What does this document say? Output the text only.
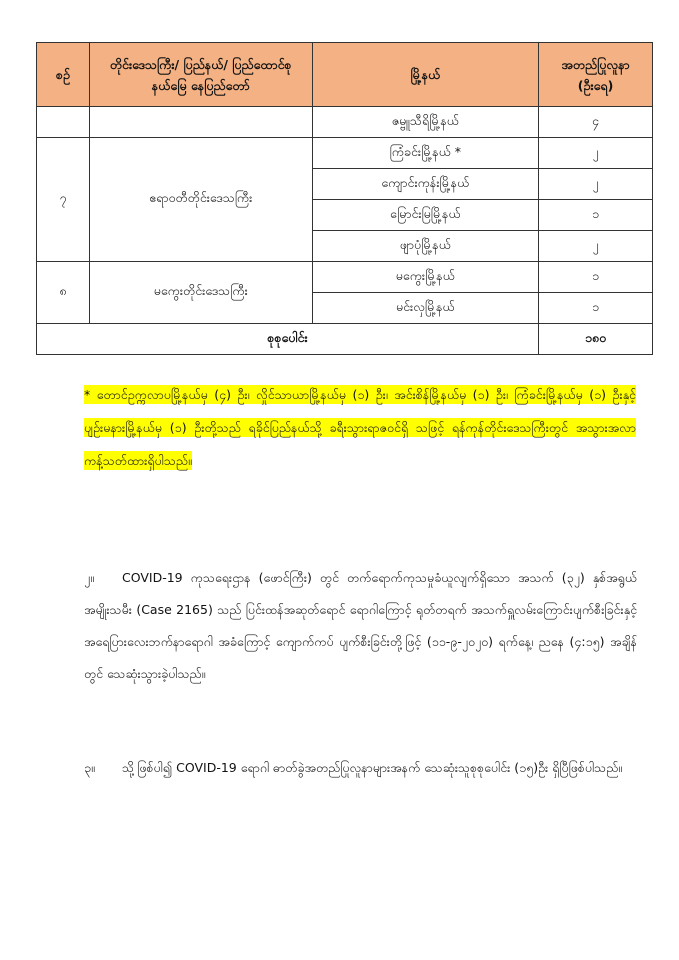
စဉ်	တိုင်းဒေသကြီး/ ပြည်နယ်/ ပြည်ထောင်စုနယ်မြေ နေပြည်တော်	မြို့နယ်	အတည်ပြုလူနာ (ဦးရေ)
		ဇမ္ဗူသီရိမြို့နယ်	၄
၇	ဧရာဝတီတိုင်းဒေသကြီး	ကြံခင်းမြို့နယ် *	၂
		ကျောင်းကုန်းမြို့နယ်	၂
		မြောင်းမြမြို့နယ်	၁
		ဖျာပုံမြို့နယ်	၂
၈	မကွေးတိုင်းဒေသကြီး	မကွေးမြို့နယ်	၁
		မင်းလှမြို့နယ်	၁
စုစုပေါင်း			၁၈၀
* တောင်ဥက္ကလာပမြို့နယ်မှ (၄) ဦး၊ လှိုင်သာယာမြို့နယ်မှ (၁) ဦး၊ အင်းစိန်မြို့နယ်မှ (၁) ဦး၊ ကြံခင်းမြို့နယ်မှ (၁) ဦးနှင့် ပျဉ်းမနားမြို့နယ်မှ (၁) ဦးတို့သည် ရခိုင်ပြည်နယ်သို့ ခရီးသွားရာဇဝင်ရှိ သဖြင့် ရန်ကုန်တိုင်းဒေသကြီးတွင် အသွားအလာ ကန့်သတ်ထားရှိပါသည်။
၂။ COVID-19 ကုသရေးဌာန (ဖောင်ကြီး) တွင် တက်ရောက်ကုသမှုခံယူလျက်ရှိသော အသက် (၃၂) နှစ်အရွယ် အမျိုးသမီး (Case 2165) သည် ပြင်းထန်အဆုတ်ရောင် ရောဂါကြောင့် ရုတ်တရက် အသက်ရှူလမ်းကြောင်းပျက်စီးခြင်းနှင့် အရေပြားလေးဘက်နာရောဂါ အခံကြောင့် ကျောက်ကပ် ပျက်စီးခြင်းတို့ဖြင့် (၁၁-၉-၂၀၂၀) ရက်နေ့၊ ညနေ (၄:၁၅) အချိန်တွင် သေဆုံးသွားခဲ့ပါသည်။
၃။ သို့ဖြစ်ပါ၍ COVID-19 ရောဂါ ဓာတ်ခွဲအတည်ပြုလူနာများအနက် သေဆုံးသူစုစုပေါင်း (၁၅)ဦး ရှိပြီဖြစ်ပါသည်။
